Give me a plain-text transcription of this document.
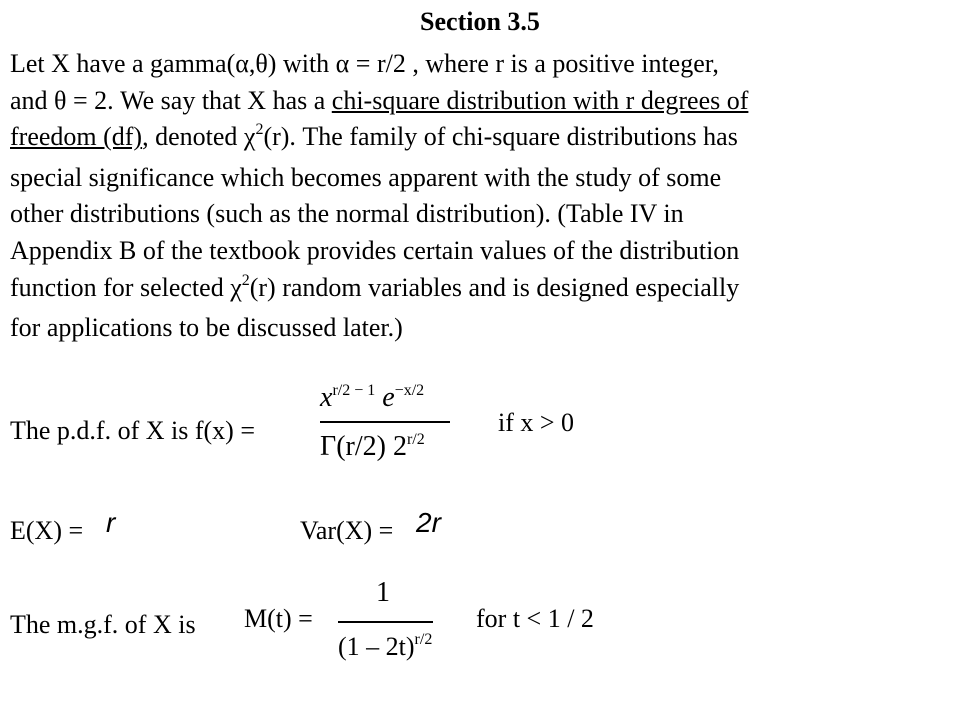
Section 3.5
Let X have a gamma(α,θ) with α = r/2 , where r is a positive integer,
and θ = 2. We say that X has a chi-square distribution with r degrees of
freedom (df), denoted $\chi^2(r)$. The family of chi-square distributions has
special significance which becomes apparent with the study of some
other distributions (such as the normal distribution). (Table IV in
Appendix B of the textbook provides certain values of the distribution
function for selected $\chi^2(r)$ random variables and is designed especially
for applications to be discussed later.)
The p.d.f. of X is f(x) =
$x^{r/2 - 1}$ $e^{-x/2}$
Γ(r/2) $2^{r/2}$
if x > 0
E(X) = r	Var(X) = 2r
The m.g.f. of X is M(t) =
1
(1 – 2t)$^{r/2}$
for t < 1 / 2
